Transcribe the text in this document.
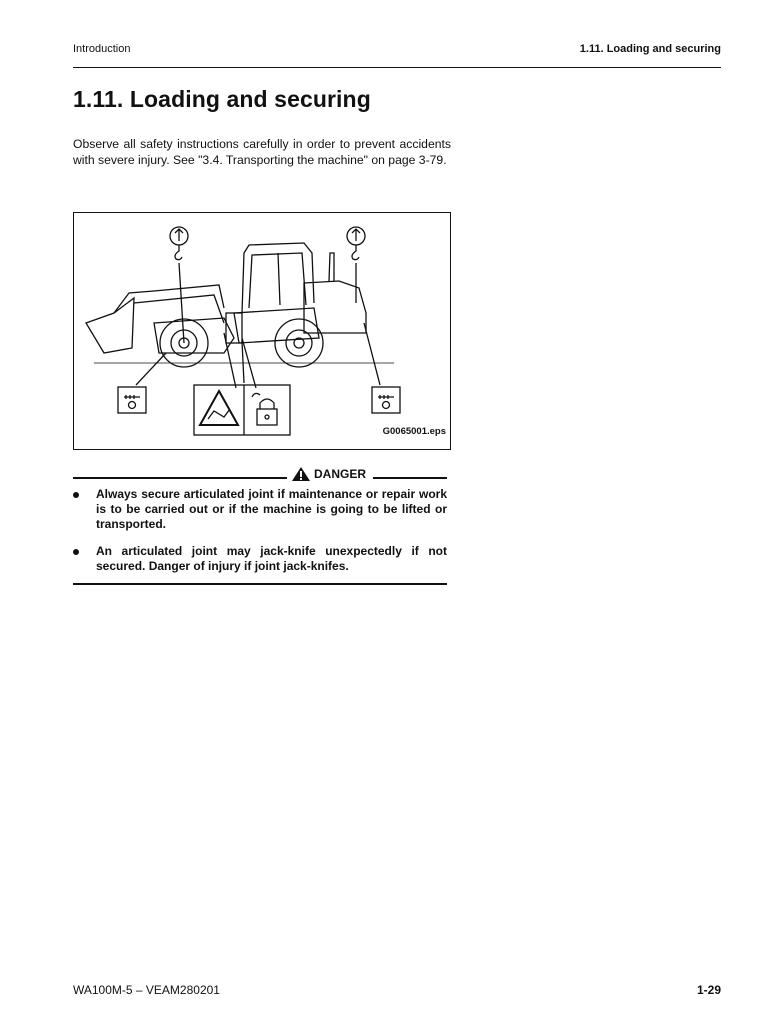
Introduction	1.11. Loading and securing
1.11. Loading and securing
Observe all safety instructions carefully in order to prevent accidents with severe injury. See "3.4. Transporting the machine" on page 3-79.
G0065001.eps
DANGER
Always secure articulated joint if maintenance or repair work is to be carried out or if the machine is going to be lifted or transported.
An articulated joint may jack-knife unexpectedly if not secured. Danger of injury if joint jack-knifes.
WA100M-5 – VEAM280201	1-29
